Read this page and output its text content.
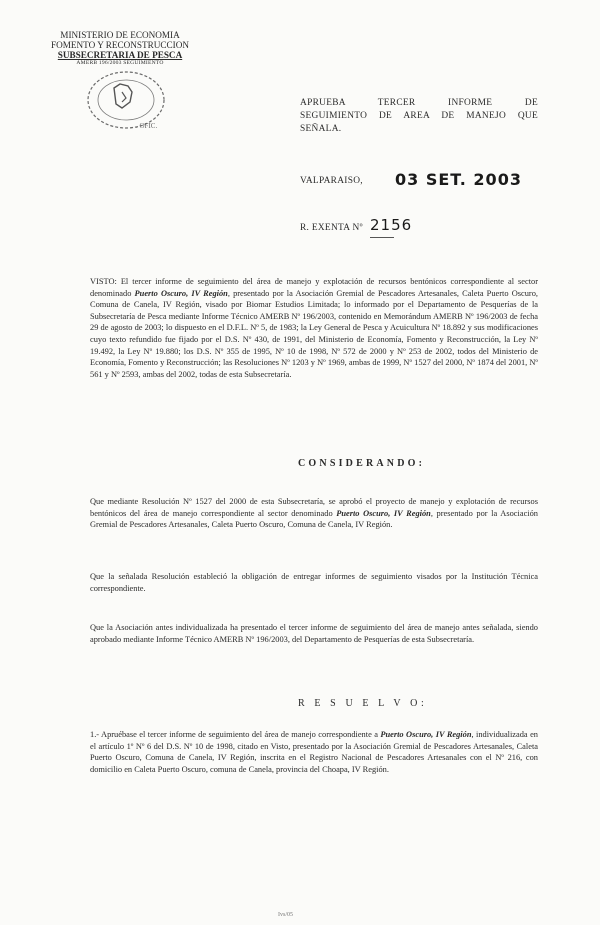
MINISTERIO DE ECONOMIA
FOMENTO Y RECONSTRUCCION
SUBSECRETARIA DE PESCA
AMERB 196/2003 SEGUIMIENTO
. OFIC.
APRUEBA TERCER INFORME DE
SEGUIMIENTO DE AREA DE MANEJO QUE
SEÑALA.
VALPARAISO, 03 SET. 2003
R. EXENTA Nº 2156

VISTO: El tercer informe de seguimiento del área de manejo y explotación de recursos bentónicos correspondiente al sector denominado Puerto Oscuro, IV Región, presentado por la Asociación Gremial de Pescadores Artesanales, Caleta Puerto Oscuro, Comuna de Canela, IV Región, visado por Biomar Estudios Limitada; lo informado por el Departamento de Pesquerías de la Subsecretaría de Pesca mediante Informe Técnico AMERB Nº 196/2003, contenido en Memorándum AMERB Nº 196/2003 de fecha 29 de agosto de 2003; lo dispuesto en el D.F.L. Nº 5, de 1983; la Ley General de Pesca y Acuicultura Nº 18.892 y sus modificaciones cuyo texto refundido fue fijado por el D.S. Nº 430, de 1991, del Ministerio de Economía, Fomento y Reconstrucción, la Ley Nº 19.492, la Ley Nº 19.880; los D.S. Nº 355 de 1995, Nº 10 de 1998, Nº 572 de 2000 y Nº 253 de 2002, todos del Ministerio de Economía, Fomento y Reconstrucción; las Resoluciones Nº 1203 y Nº 1969, ambas de 1999, Nº 1527 del 2000, Nº 1874 del 2001, Nº 561 y Nº 2593, ambas del 2002, todas de esta Subsecretaría.

CONSIDERANDO:

Que mediante Resolución Nº 1527 del 2000 de esta Subsecretaría, se aprobó el proyecto de manejo y explotación de recursos bentónicos del área de manejo correspondiente al sector denominado Puerto Oscuro, IV Región, presentado por la Asociación Gremial de Pescadores Artesanales, Caleta Puerto Oscuro, Comuna de Canela, IV Región.

Que la señalada Resolución estableció la obligación de entregar informes de seguimiento visados por la Institución Técnica correspondiente.

Que la Asociación antes individualizada ha presentado el tercer informe de seguimiento del área de manejo antes señalada, siendo aprobado mediante Informe Técnico AMERB Nº 196/2003, del Departamento de Pesquerías de esta Subsecretaría.

R E S U E L V O:

1.- Apruébase el tercer informe de seguimiento del área de manejo correspondiente a Puerto Oscuro, IV Región, individualizada en el artículo 1º Nº 6 del D.S. Nº 10 de 1998, citado en Visto, presentado por la Asociación Gremial de Pescadores Artesanales, Caleta Puerto Oscuro, Comuna de Canela, IV Región, inscrita en el Registro Nacional de Pescadores Artesanales con el Nº 216, con domicilio en Caleta Puerto Oscuro, comuna de Canela, provincia del Choapa, IV Región.

Ivs/05
